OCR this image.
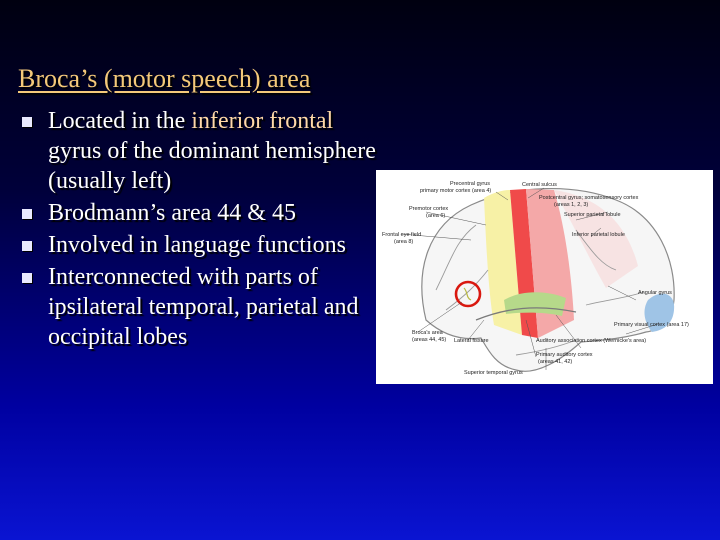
Broca’s (motor speech) area
Located in the inferior frontal gyrus of the dominant hemisphere (usually left)
Brodmann’s area 44 & 45
Involved in language functions
Interconnected with parts of ipsilateral temporal, parietal and occipital lobes
Precentral gyrus
primary motor cortex (area 4)
Central sulcus
Postcentral gyrus; somatosensory cortex
(areas 1, 2, 3)
Premotor cortex
(area 6)
Frontal eye field
(area 8)
Superior parietal lobule
Inferior parietal lobule
Angular gyrus
Primary visual cortex (area 17)
Broca's area
(areas 44, 45) Lateral fissure	Auditory association cortex (Wernicke's area)
Primary auditory cortex
(areas 41, 42)
Superior temporal gyrus
